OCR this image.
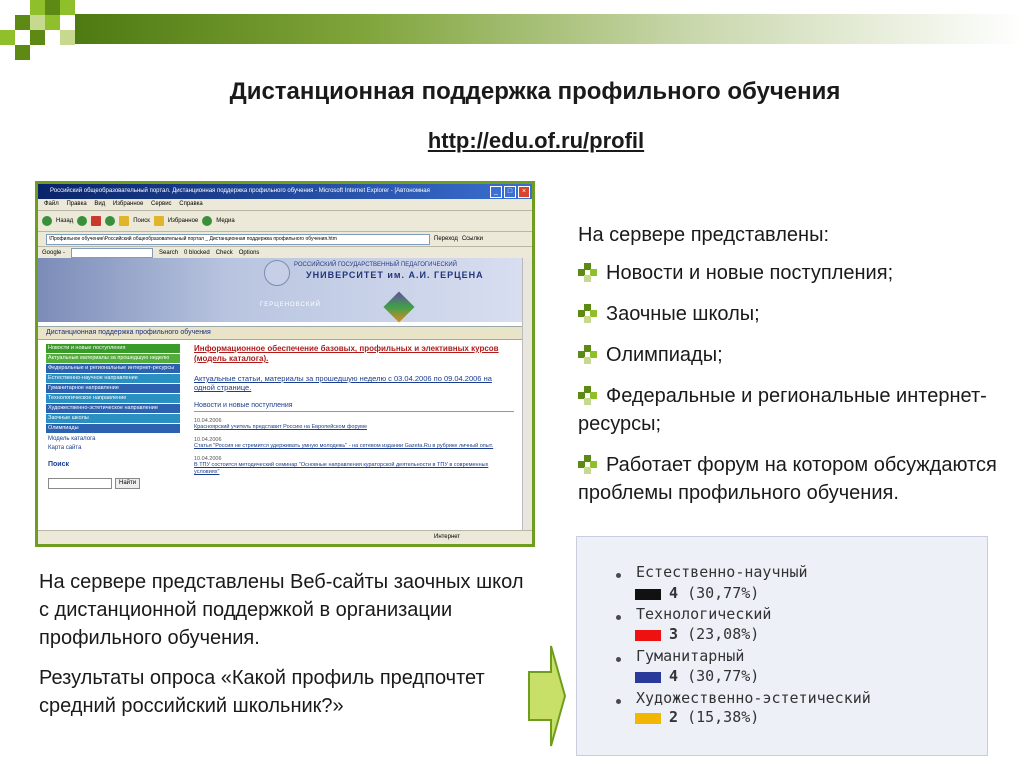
Дистанционная поддержка профильного обучения
http://edu.of.ru/profil
Российский общеобразовательный портал. Дистанционная поддержка профильного обучения - Microsoft Internet Explorer - [Автономная	_	□	×
Файл Правка Вид Избранное Сервис Справка
Назад	Поиск	Избранное	Медиа
\Профильное обучение\Российский общеобразовательный портал _ Дистанционная поддержка профильного обучения.htm	Переход Ссылки
Google -	Search 0 blocked Check Options
РОССИЙСКИЙ ГОСУДАРСТВЕННЫЙ ПЕДАГОГИЧЕСКИЙ
УНИВЕРСИТЕТ им. А.И. ГЕРЦЕНА
ГЕРЦЕНОВСКИЙ
Дистанционная поддержка профильного обучения
Новости и новые поступления
Актуальные материалы за прошедшую неделю
Федеральные и региональные интернет-ресурсы
Естественно-научное направление
Гуманитарное направление
Технологическое направление
Художественно-эстетическое направление
Заочные школы
Олимпиады
Модель каталога
Карта сайта
Поиск
Найти
Информационное обеспечение базовых, профильных и элективных курсов (модель каталога).
Актуальные статьи, материалы за прошедшую неделю с 03.04.2006 по 09.04.2006 на одной странице.
Новости и новые поступления
10.04.2006
Красноярский учитель представит Россию на Европейском форуме
10.04.2006
Статья "Россия не стремится удерживать умную молодежь" - на сетевом издании Gazeta.Ru в рубрике личный опыт.
10.04.2006
В ТПУ состоится методический семинар "Основные направления кураторской деятельности в ТПУ в современных условиях"
Интернет
На сервере представлены:
Новости и новые поступления;
Заочные школы;
Олимпиады;
Федеральные и региональные интернет-ресурсы;
Работает форум на котором обсуждаются проблемы профильного обучения.

На сервере представлены Веб-сайты заочных школ с дистанционной поддержкой в организации профильного обучения.

Результаты опроса «Какой профиль предпочтет средний российский школьник?»

Естественно-научный
4 (30,77%)
Технологический
3 (23,08%)
Гуманитарный
4 (30,77%)
Художественно-эстетический
2 (15,38%)
